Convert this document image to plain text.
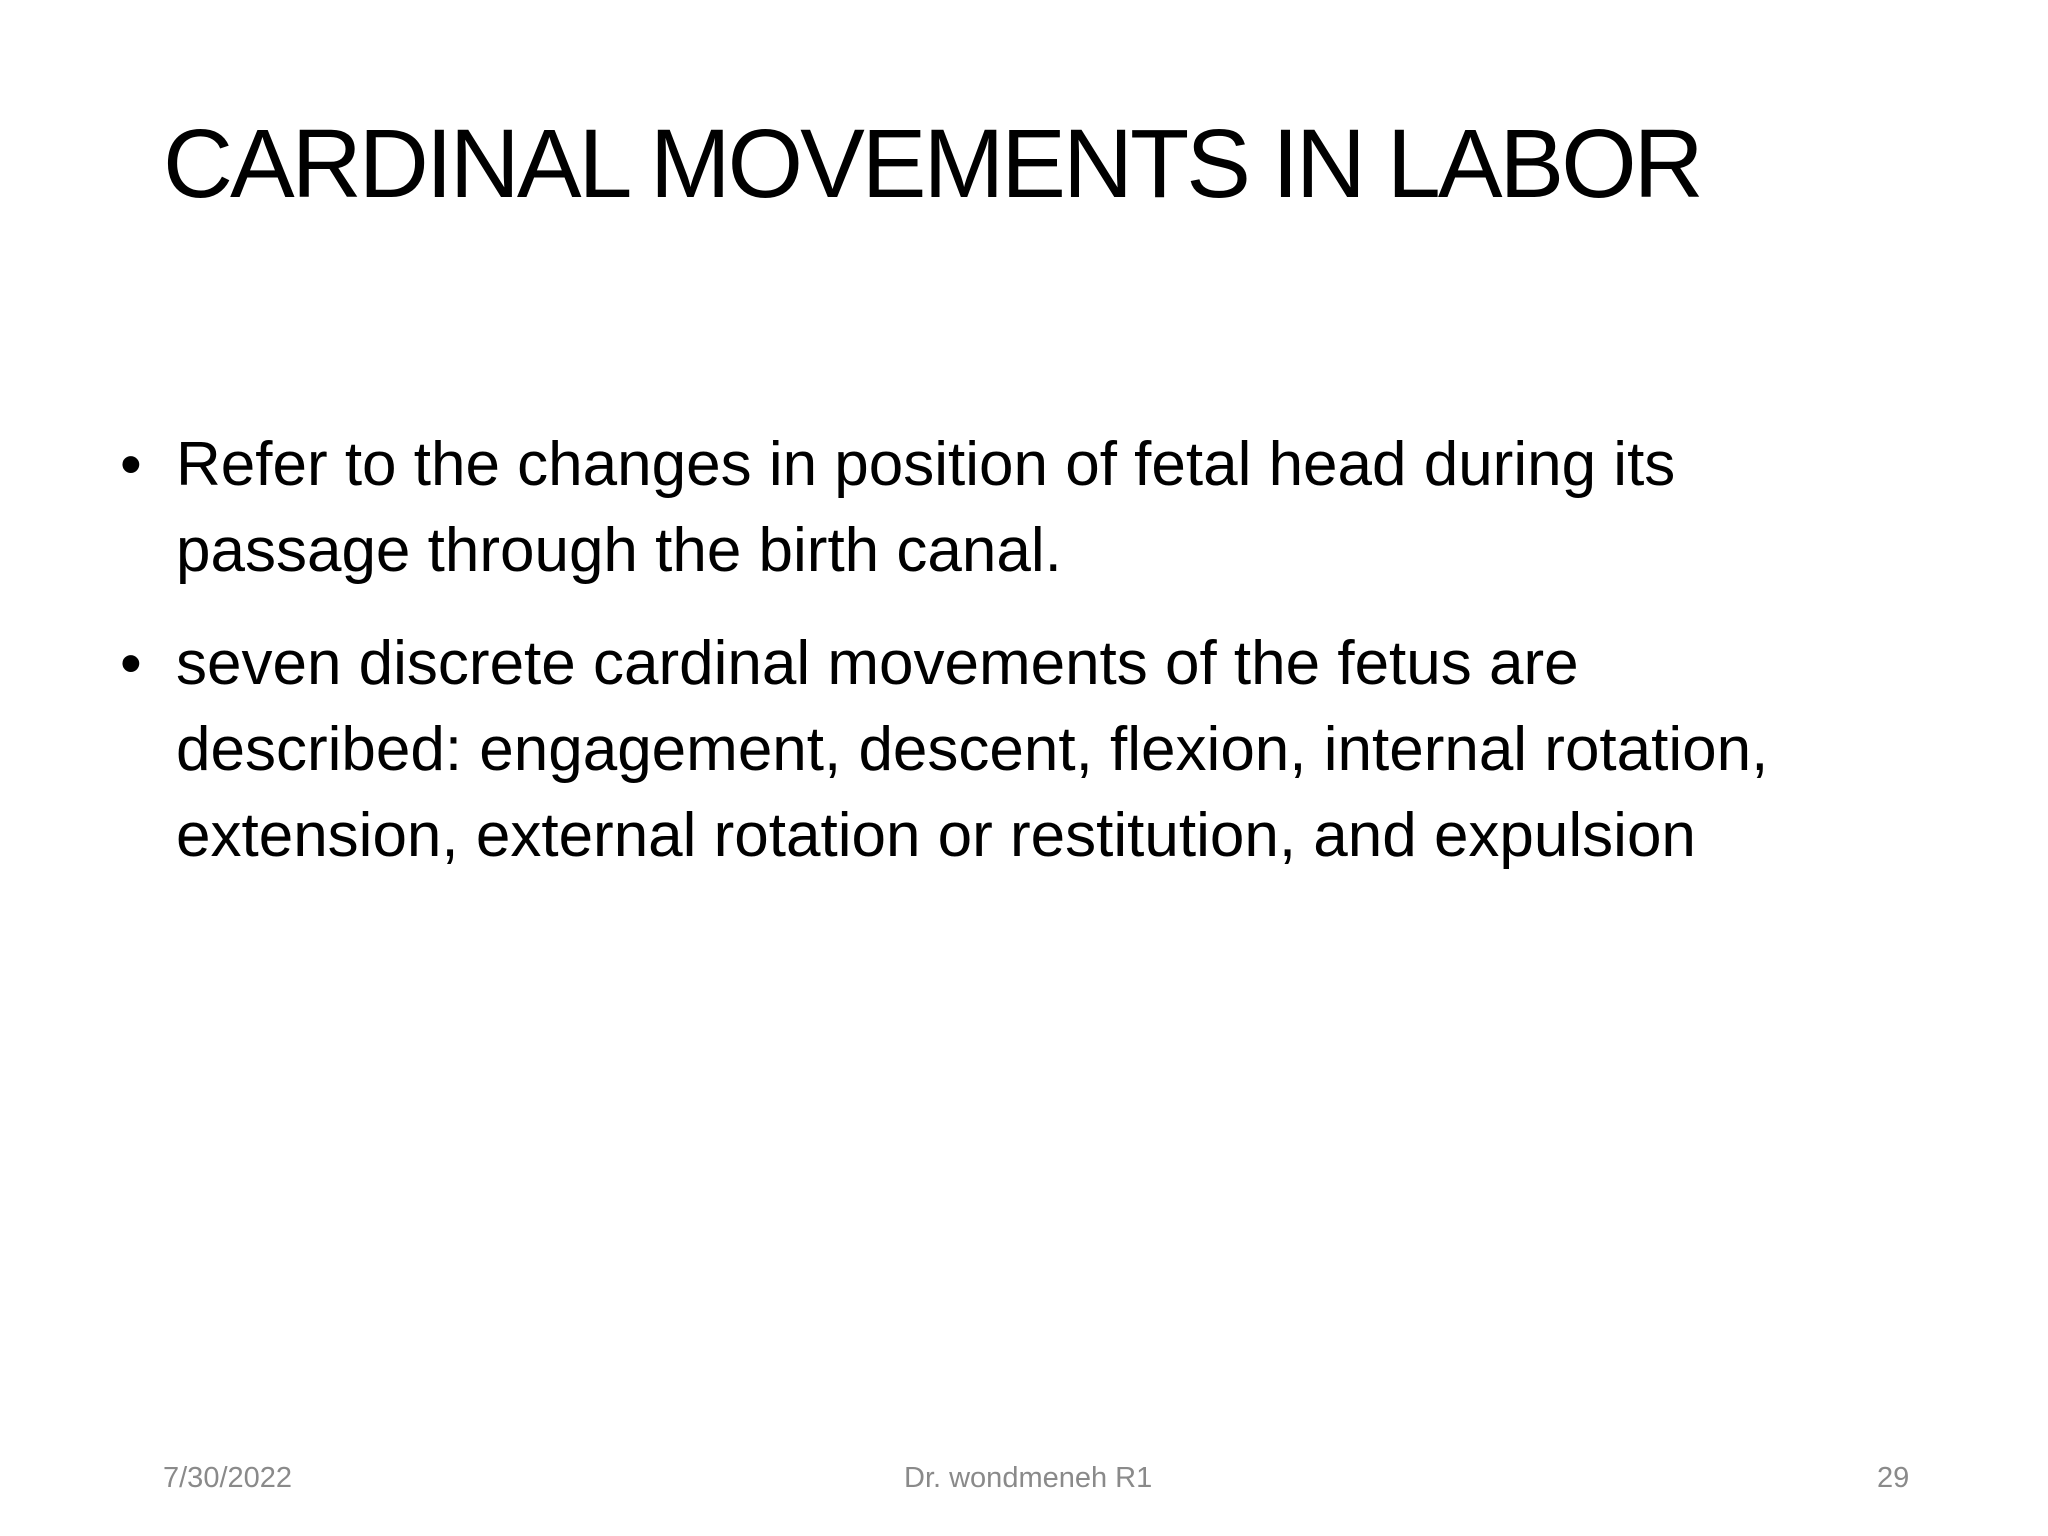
CARDINAL MOVEMENTS IN LABOR
• Refer to the changes in position of fetal head during its passage through the birth canal.
• seven discrete cardinal movements of the fetus are described: engagement, descent, flexion, internal rotation, extension, external rotation or restitution, and expulsion
7/30/2022	Dr. wondmeneh R1	29
